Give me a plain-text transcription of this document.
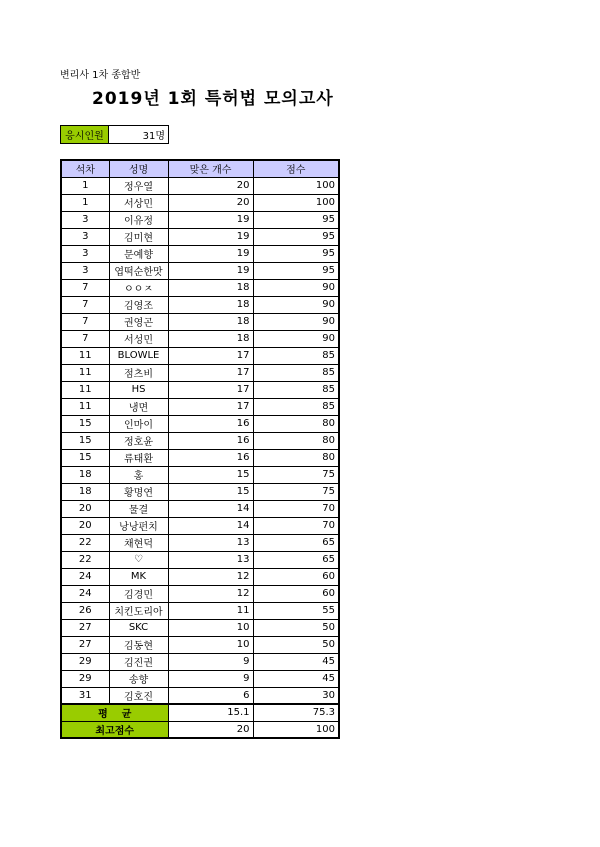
변리사 1차 종합반
2019년 1회 특허법 모의고사
응시인원	31명
석차	성명	맞은 개수	점수
1	정우열	20	100
1	서상민	20	100
3	이유정	19	95
3	김미현	19	95
3	문예향	19	95
3	엽떡순한맛	19	95
7	ㅇㅇㅈ	18	90
7	김영조	18	90
7	권영곤	18	90
7	서성민	18	90
11	BLOWLE	17	85
11	점츠비	17	85
11	HS	17	85
11	냉면	17	85
15	인마이	16	80
15	정호윤	16	80
15	류태환	16	80
18	홍	15	75
18	황명연	15	75
20	물결	14	70
20	낭낭펀치	14	70
22	채현덕	13	65
22	♡	13	65
24	MK	12	60
24	김경민	12	60
26	치킨도리아	11	55
27	SKC	10	50
27	김동현	10	50
29	김진권	9	45
29	송향	9	45
31	김호진	6	30
평    균		15.1	75.3
최고점수		20	100
